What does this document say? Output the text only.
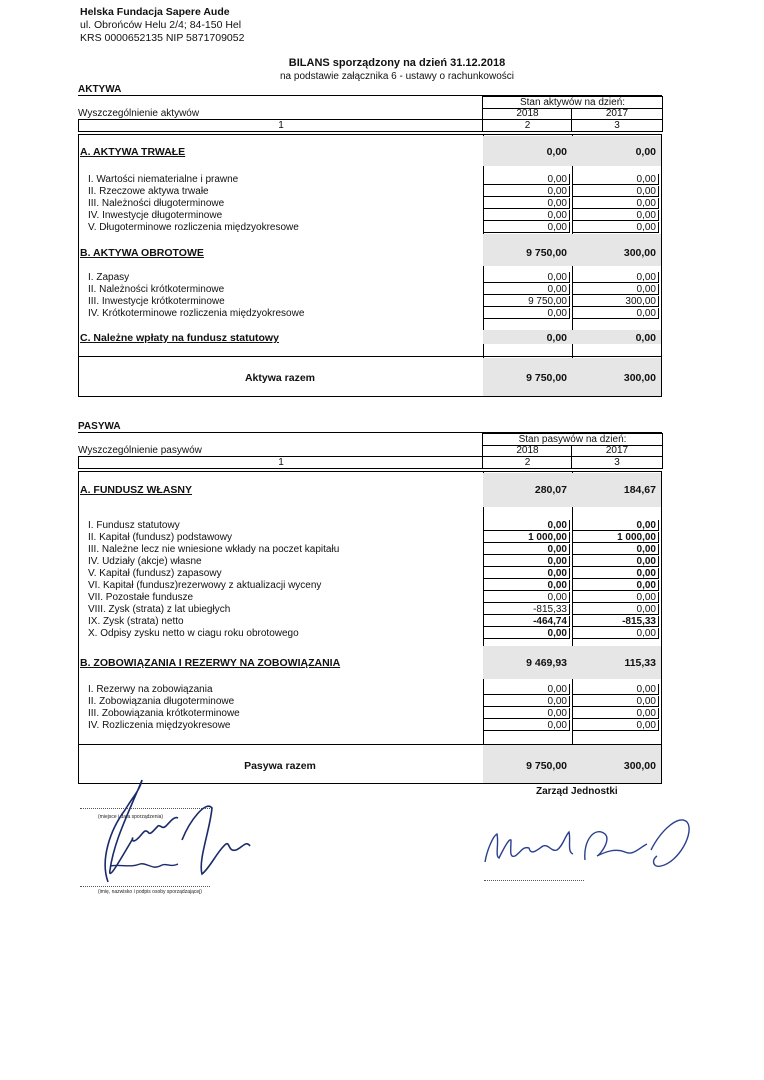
Helska Fundacja Sapere Aude
ul. Obrońców Helu 2/4; 84-150 Hel
KRS 0000652135 NIP 5871709052
BILANS sporządzony na dzień 31.12.2018
na podstawie załącznika 6 - ustawy o rachunkowości
AKTYWA
Stan aktywów na dzień:
Wyszczególnienie aktywów	2018	2017
1	2	3
A. AKTYWA TRWAŁE	0,00	0,00
I. Wartości niematerialne i prawne	0,00	0,00
II. Rzeczowe aktywa trwałe	0,00	0,00
III. Należności długoterminowe	0,00	0,00
IV. Inwestycje długoterminowe	0,00	0,00
V. Długoterminowe rozliczenia międzyokresowe	0,00	0,00
B. AKTYWA OBROTOWE	9 750,00	300,00
I. Zapasy	0,00	0,00
II. Należności krótkoterminowe	0,00	0,00
III. Inwestycje krótkoterminowe	9 750,00	300,00
IV. Krótkoterminowe rozliczenia międzyokresowe	0,00	0,00
C. Należne wpłaty na fundusz statutowy	0,00	0,00
Aktywa razem	9 750,00	300,00
PASYWA
Stan pasywów na dzień:
Wyszczególnienie pasywów	2018	2017
1	2	3
A. FUNDUSZ WŁASNY	280,07	184,67
I. Fundusz statutowy	0,00	0,00
II. Kapitał (fundusz) podstawowy	1 000,00	1 000,00
III. Należne lecz nie wniesione wkłady na poczet kapitału	0,00	0,00
IV. Udziały (akcje) własne	0,00	0,00
V. Kapitał (fundusz) zapasowy	0,00	0,00
VI. Kapitał (fundusz)rezerwowy z aktualizacji wyceny	0,00	0,00
VII. Pozostałe fundusze	0,00	0,00
VIII. Zysk (strata) z lat ubiegłych	-815,33	0,00
IX. Zysk (strata) netto	-464,74	-815,33
X. Odpisy zysku netto w ciagu roku obrotowego	0,00	0,00
B. ZOBOWIĄZANIA I REZERWY NA ZOBOWIĄZANIA	9 469,93	115,33
I. Rezerwy na zobowiązania	0,00	0,00
II. Zobowiązania długoterminowe	0,00	0,00
III. Zobowiązania krótkoterminowe	0,00	0,00
IV. Rozliczenia międzyokresowe	0,00	0,00
Pasywa razem	9 750,00	300,00
Zarząd Jednostki
(miejsce i data sporządzenia)
(imię, nazwisko i podpis osoby sporządzającej)
